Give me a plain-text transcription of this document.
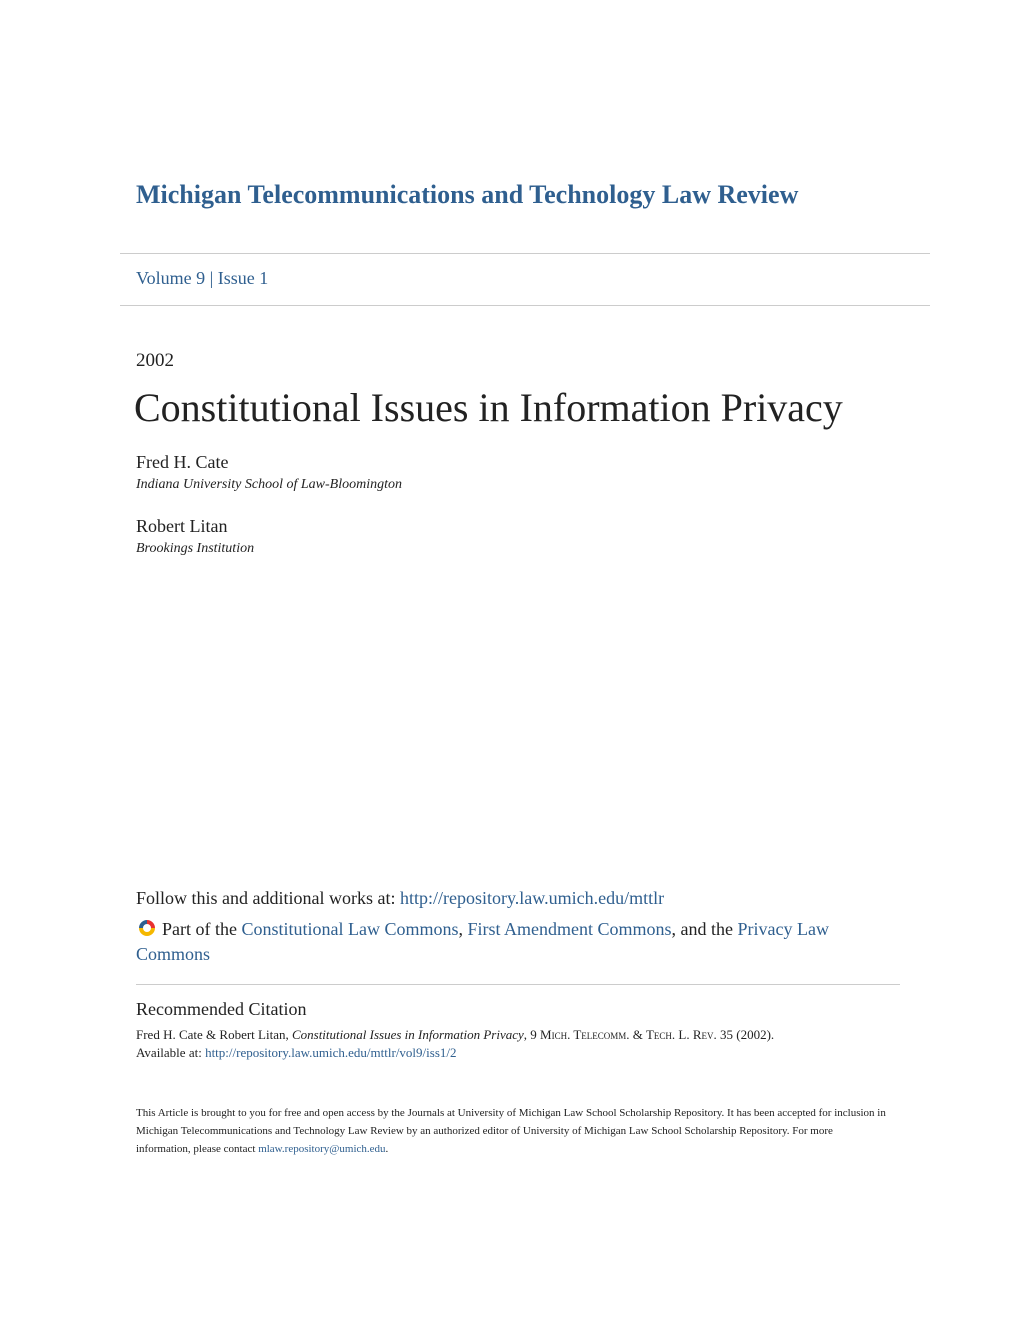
Michigan Telecommunications and Technology Law Review
Volume 9 | Issue 1
2002
Constitutional Issues in Information Privacy
Fred H. Cate
Indiana University School of Law-Bloomington
Robert Litan
Brookings Institution
Follow this and additional works at: http://repository.law.umich.edu/mttlr
Part of the Constitutional Law Commons, First Amendment Commons, and the Privacy Law Commons
Recommended Citation
Fred H. Cate & Robert Litan, Constitutional Issues in Information Privacy, 9 Mich. Telecomm. & Tech. L. Rev. 35 (2002).
Available at: http://repository.law.umich.edu/mttlr/vol9/iss1/2
This Article is brought to you for free and open access by the Journals at University of Michigan Law School Scholarship Repository. It has been accepted for inclusion in Michigan Telecommunications and Technology Law Review by an authorized editor of University of Michigan Law School Scholarship Repository. For more information, please contact mlaw.repository@umich.edu.
